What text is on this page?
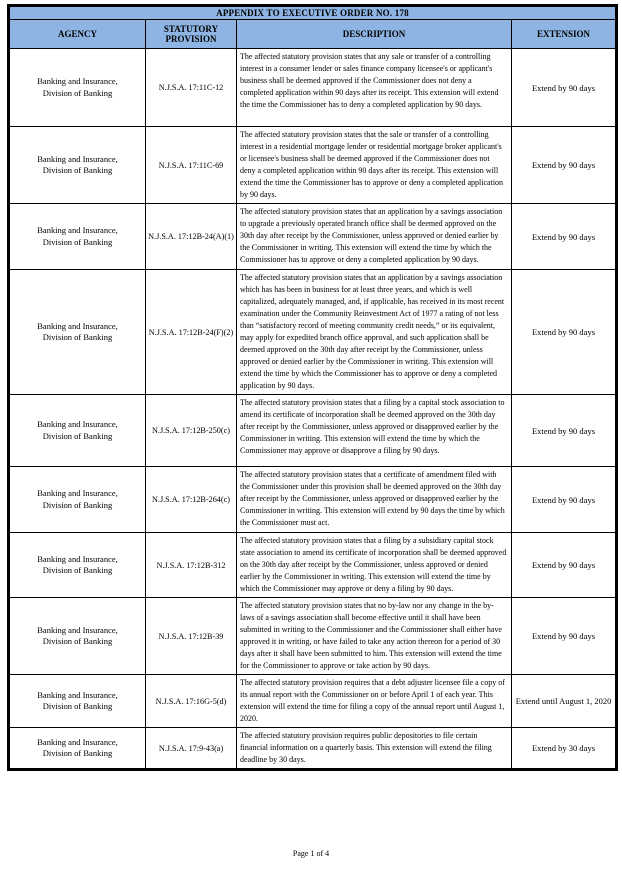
APPENDIX TO EXECUTIVE ORDER NO. 178			
AGENCY	STATUTORY PROVISION	DESCRIPTION	EXTENSION

Banking and Insurance,
Division of Banking	N.J.S.A. 17:11C-12	The affected statutory provision states that any sale or transfer of a controlling interest in a consumer lender or sales finance company licensee's or applicant's business shall be deemed approved if the Commissioner does not deny a completed application within 90 days after its receipt. This extension will extend the time the Commissioner has to deny a completed application by 90 days.	Extend by 90 days

Banking and Insurance,
Division of Banking	N.J.S.A. 17:11C-69	The affected statutory provision states that the sale or transfer of a controlling interest in a residential mortgage lender or residential mortgage broker applicant's or licensee's business shall be deemed approved if the Commissioner does not deny a completed application within 90 days after its receipt. This extension will extend the time the Commissioner has to approve or deny a completed application by 90 days.	Extend by 90 days

Banking and Insurance,
Division of Banking	N.J.S.A. 17:12B-24(A)(1)	The affected statutory provision states that an application by a savings association to upgrade a previously operated branch office shall be deemed approved on the 30th day after receipt by the Commissioner, unless approved or denied earlier by the Commissioner in writing. This extension will extend the time by which the Commissioner has to approve or deny a completed application by 90 days.	Extend by 90 days

Banking and Insurance,
Division of Banking	N.J.S.A. 17:12B-24(F)(2)	The affected statutory provision states that an application by a savings association which has has been in business for at least three years, and which is well capitalized, adequately managed, and, if applicable, has received in its most recent examination under the Community Reinvestment Act of 1977 a rating of not less than “satisfactory record of meeting community credit needs,” or its equivalent, may apply for expedited branch office approval, and such application shall be deemed approved on the 30th day after receipt by the Commissioner, unless approved or denied earlier by the Commissioner in writing. This extension will extend the time by which the Commissioner has to approve or deny a completed application by 90 days.	Extend by 90 days

Banking and Insurance,
Division of Banking	N.J.S.A. 17:12B-250(c)	The affected statutory provision states that a filing by a capital stock association to amend its certificate of incorporation shall be deemed approved on the 30th day after receipt by the Commissioner, unless approved or disapproved earlier by the Commissioner in writing. This extension will extend the time by which the Commissioner may approve or disapprove a filing by 90 days.	Extend by 90 days

Banking and Insurance,
Division of Banking	N.J.S.A. 17:12B-264(c)	The affected statutory provision states that a certificate of amendment filed with the Commissioner under this provision shall be deemed approved on the 30th day after receipt by the Commissioner, unless approved or disapproved earlier by the Commissioner in writing. This extension will extend by 90 days the time by which the Commissioner must act.	Extend by 90 days

Banking and Insurance,
Division of Banking	N.J.S.A. 17:12B-312	The affected statutory provision states that a filing by a subsidiary capital stock state association to amend its certificate of incorporation shall be deemed approved on the 30th day after receipt by the Commissioner, unless approved or denied earlier by the Commissioner in writing. This extension will extend the time by which the Commissioner may approve or deny a filing by 90 days.	Extend by 90 days

Banking and Insurance,
Division of Banking	N.J.S.A. 17:12B-39	The affected statutory provision states that no by-law nor any change in the by-laws of a savings association shall become effective until it shall have been submitted in writing to the Commissioner and the Commissioner shall either have approved it in writing, or have failed to take any action thereon for a period of 30 days after it shall have been submitted to him. This extension will extend the time for the Commissioner to approve or take action by 90 days.	Extend by 90 days

Banking and Insurance,
Division of Banking	N.J.S.A. 17:16G-5(d)	The affected statutory provision requires that a debt adjuster licensee file a copy of its annual report with the Commissioner on or before April 1 of each year. This extension will extend the time for filing a copy of the annual report until August 1, 2020.	Extend until August 1, 2020

Banking and Insurance,
Division of Banking	N.J.S.A. 17:9-43(a)	The affected statutory provision requires public depositories to file certain financial information on a quarterly basis. This extension will extend the filing deadline by 30 days.	Extend by 30 days
Page 1 of 4
